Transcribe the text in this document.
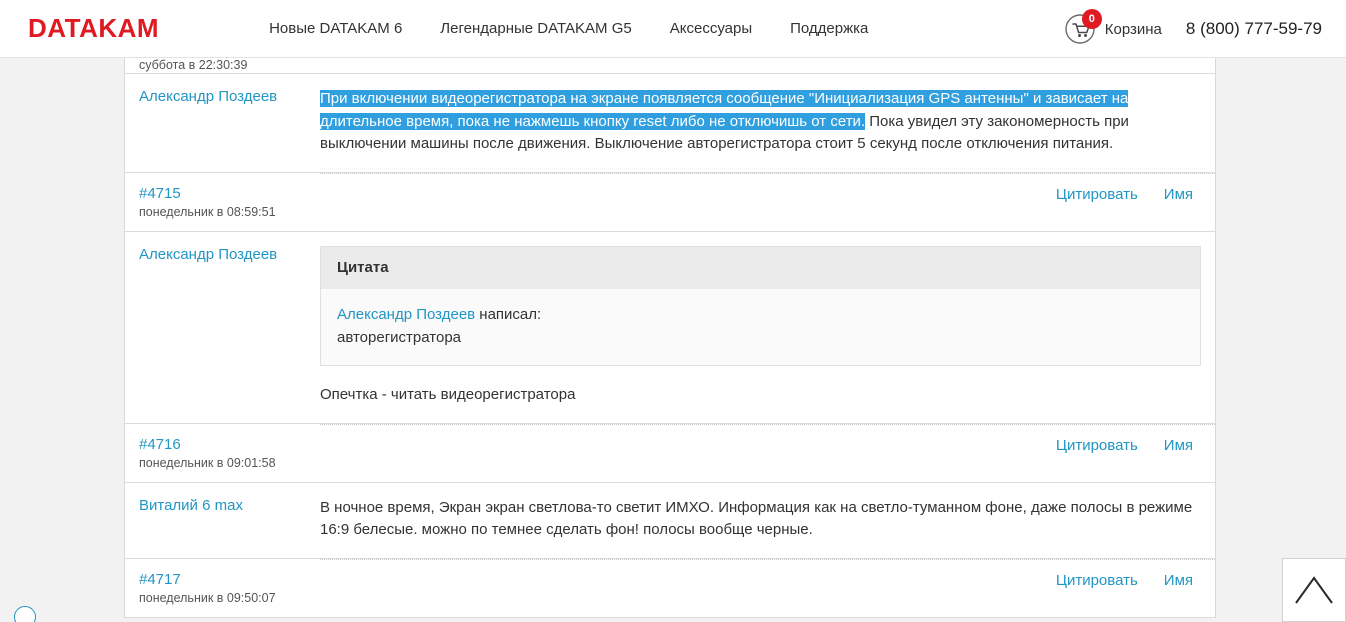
DATAKAM	Новые DATAKAM 6	Легендарные DATAKAM G5	Аксессуары	Поддержка
0
Корзина 8 (800) 777-59-79
суббота в 22:30:39
Александр Поздеев	При включении видеорегистратора на экране появляется сообщение "Инициализация GPS антенны" и зависает на длительное время, пока не нажмешь кнопку reset либо не отключишь от сети. Пока увидел эту закономерность при выключении машины после движения. Выключение авторегистратора стоит 5 секунд после отключения питания.
#4715
понедельник в 08:59:51
Цитировать Имя
Александр Поздеев
Цитата
Александр Поздеев написал:
авторегистратора
Опечтка - читать видеорегистратора
#4716
понедельник в 09:01:58
Цитировать Имя
Виталий 6 max	В ночное время, Экран экран светлова-то светит ИМХО. Информация как на светло-туманном фоне, даже полосы в режиме 16:9 белесые. можно по темнее сделать фон! полосы вообще черные.
#4717
понедельник в 09:50:07
Цитировать Имя
